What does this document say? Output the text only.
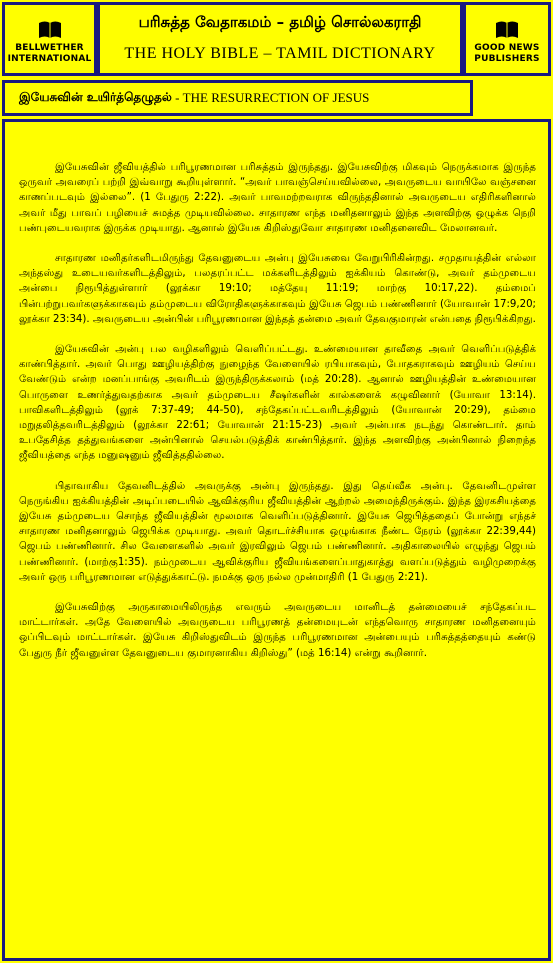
BELLWETHER
INTERNATIONAL
பரிசுத்த வேதாகமம் – தமிழ் சொல்லகராதி
THE HOLY BIBLE – TAMIL DICTIONARY	GOOD NEWS
PUBLISHERS
இயேசுவின் உயிர்த்தெழுதல் - THE RESURRECTION OF JESUS

இயேசுவின் ஜீவியத்தில் பரிபூரணமான பரிசுத்தம் இருந்தது. இயேசுவிற்கு மிகவும் நெருக்கமாக இருந்த ஒருவர் அவரைப் பற்றி இவ்வாறு கூறியுள்ளார். “அவர் பாவஞ்செய்யவில்லை, அவருடைய வாயிலே வஞ்சனை காணப்படவும் இல்லை”. (1 பேதுரு 2:22). அவர் பாவமற்றவராக விருந்ததினால் அவருடைய எதிரிகளினால் அவர் மீது பாவப் பழியைச் சுமத்த முடியவில்லை. சாதாரண எந்த மனிதனாலும் இந்த அளவிற்கு ஒழுக்க நெறி பண்புடையவராக இருக்க முடியாது. ஆனால் இயேசு கிறிஸ்துவோ சாதாரண மனிதனைவிட மேலானவர்.

சாதாரண மனிதர்களிடமிருந்து தேவனுடைய அன்பு இயேசுவை வேறுபிரிகின்றது. சமுதாயத்தின் எல்லா அந்தஸ்து உடையவர்களிடத்திலும், பலதரப்பட்ட மக்களிடத்திலும் ஐக்கியம் கொண்டு, அவர் தம்முடைய அன்பை நிரூபித்துள்ளார் (லூக்கா 19:10; மத்தேயு 11:19; மாற்கு 10:17,22). தம்மைப் பின்பற்றுபவர்களுக்காகவும் தம்முடைய விரோதிகளுக்காகவும் இயேசு ஜெபம் பண்ணினார் (யோவான் 17:9,20; லூக்கா 23:34). அவருடைய அன்பின் பரிபூரணமான இந்தத் தன்மை அவர் தேவகுமாரன் என்பதை நிரூபிக்கிறது.

இயேசுவின் அன்பு பல வழிகளிலும் வெளிப்பட்டது. உண்மையான தாவீதை அவர் வெளிப்படுத்திக் காண்பித்தார். அவர் பொது ஊழியத்திற்கு நுழைந்த வேளையில் ரபியாகவும், போதகராகவும் ஊழியம் செய்ய வேண்டும் என்ற மனப்பாங்கு அவரிடம் இருந்திருக்கலாம் (மத் 20:28). ஆனால் ஊழியத்தின் உண்மையான பொருளை உணர்த்துவதற்காக அவர் தம்முடைய சீஷர்களின் கால்களைக் கழுவினார் (யோவா 13:14). பாவிகளிடத்திலும் (லூக் 7:37-49; 44-50), சந்தேகப்பட்டவரிடத்திலும் (யோவான் 20:29), தம்மை மறுதலித்தவரிடத்திலும் (லூக்கா 22:61; யோவான் 21:15-23) அவர் அன்பாக நடந்து கொண்டார். தாம் உபதேசித்த தத்துவங்களை அன்பினால் செயல்படுத்திக் காண்பித்தார். இந்த அளவிற்கு அன்பினால் நிறைந்த ஜீவியத்தை எந்த மனுஷனும் ஜீவித்ததில்லை.

பிதாவாகிய தேவனிடத்தில் அவருக்கு அன்பு இருந்தது. இது தெய்வீக அன்பு. தேவனிடமுள்ள நெருங்கிய ஐக்கியத்தின் அடிப்படையில் ஆவிக்குரிய ஜீவியத்தின் ஆற்றல் அமைந்திருக்கும். இந்த இரகசியத்தை இயேசு தம்முடைய சொந்த ஜீவியத்தின் மூலமாக வெளிப்படுத்தினார். இயேசு ஜெபித்ததைப் போன்று எந்தச் சாதாரண மனிதனாலும் ஜெபிக்க முடியாது. அவர் தொடர்ச்சியாக ஒழுங்காக நீண்ட நேரம் (லூக்கா 22:39,44) ஜெபம் பண்ணினார். சில வேளைகளில் அவர் இரவிலும் ஜெபம் பண்ணினார். அதிகாலையில் எழுந்து ஜெபம் பண்ணினார். (மாற்கு1:35). நம்முடைய ஆவிக்குரிய ஜீவியங்களைப்பாதுகாத்து வளப்படுத்தும் வழிமுறைக்கு அவர் ஒரு பரிபூரணமான எடுத்துக்காட்டு. நமக்கு ஒரு நல்ல முன்மாதிரி (1 பேதுரு 2:21).

இயேசுவிற்கு அருகாமையிலிருந்த எவரும் அவருடைய மானிடத் தன்மையைச் சந்தேகப்பட மாட்டார்கள். அதே வேளையில் அவருடைய பரிபூரணத் தன்மையுடன் எந்தவொரு சாதாரண மனிதனையும் ஒப்பிடவும் மாட்டார்கள். இயேசு கிறிஸ்துவிடம் இருந்த பரிபூரணமான அன்பையும் பரிசுத்தத்தையும் கண்டு பேதுரு நீர் ஜீவனுள்ள தேவனுடைய குமாரனாகிய கிறிஸ்து” (மத் 16:14) என்று கூறினார்.
